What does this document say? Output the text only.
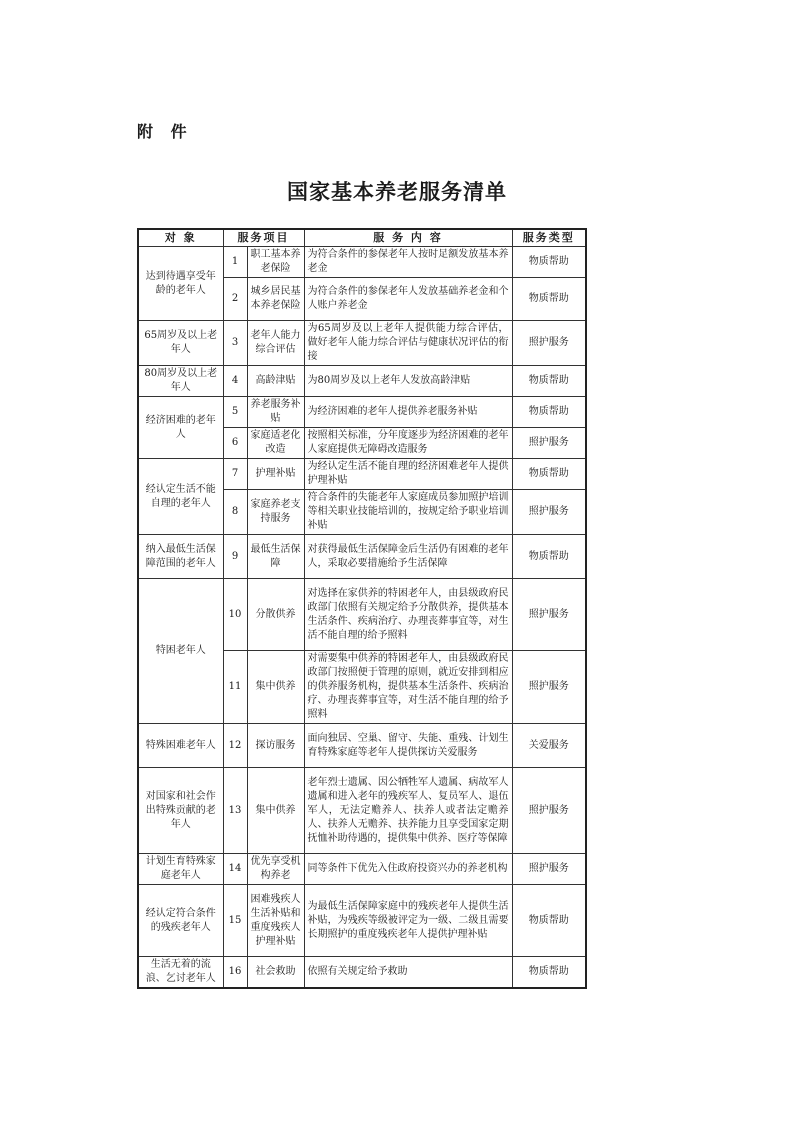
附 件
国家基本养老服务清单
对 象	服务项目		服 务 内 容	服务类型
达到待遇享受年龄的老年人	1	职工基本养老保险	为符合条件的参保老年人按时足额发放基本养老金	物质帮助
	2	城乡居民基本养老保险	为符合条件的参保老年人发放基础养老金和个人账户养老金	物质帮助
65周岁及以上老年人	3	老年人能力综合评估	为65周岁及以上老年人提供能力综合评估，做好老年人能力综合评估与健康状况评估的衔接	照护服务
80周岁及以上老年人	4	高龄津贴	为80周岁及以上老年人发放高龄津贴	物质帮助
经济困难的老年人	5	养老服务补贴	为经济困难的老年人提供养老服务补贴	物质帮助
	6	家庭适老化改造	按照相关标准，分年度逐步为经济困难的老年人家庭提供无障碍改造服务	照护服务
经认定生活不能自理的老年人	7	护理补贴	为经认定生活不能自理的经济困难老年人提供护理补贴	物质帮助
	8	家庭养老支持服务	符合条件的失能老年人家庭成员参加照护培训等相关职业技能培训的，按规定给予职业培训补贴	照护服务
纳入最低生活保障范围的老年人	9	最低生活保障	对获得最低生活保障金后生活仍有困难的老年人，采取必要措施给予生活保障	物质帮助
特困老年人	10	分散供养	对选择在家供养的特困老年人，由县级政府民政部门依照有关规定给予分散供养，提供基本生活条件、疾病治疗、办理丧葬事宜等，对生活不能自理的给予照料	照护服务
	11	集中供养	对需要集中供养的特困老年人，由县级政府民政部门按照便于管理的原则，就近安排到相应的供养服务机构，提供基本生活条件、疾病治疗、办理丧葬事宜等，对生活不能自理的给予照料	照护服务
特殊困难老年人	12	探访服务	面向独居、空巢、留守、失能、重残、计划生育特殊家庭等老年人提供探访关爱服务	关爱服务
对国家和社会作出特殊贡献的老年人	13	集中供养	老年烈士遗属、因公牺牲军人遗属、病故军人遗属和进入老年的残疾军人、复员军人、退伍军人，无法定赡养人、扶养人或者法定赡养人、扶养人无赡养、扶养能力且享受国家定期抚恤补助待遇的，提供集中供养、医疗等保障	照护服务
计划生育特殊家庭老年人	14	优先享受机构养老	同等条件下优先入住政府投资兴办的养老机构	照护服务
经认定符合条件的残疾老年人	15	困难残疾人生活补贴和重度残疾人护理补贴	为最低生活保障家庭中的残疾老年人提供生活补贴，为残疾等级被评定为一级、二级且需要长期照护的重度残疾老年人提供护理补贴	物质帮助
生活无着的流浪、乞讨老年人	16	社会救助	依照有关规定给予救助	物质帮助
